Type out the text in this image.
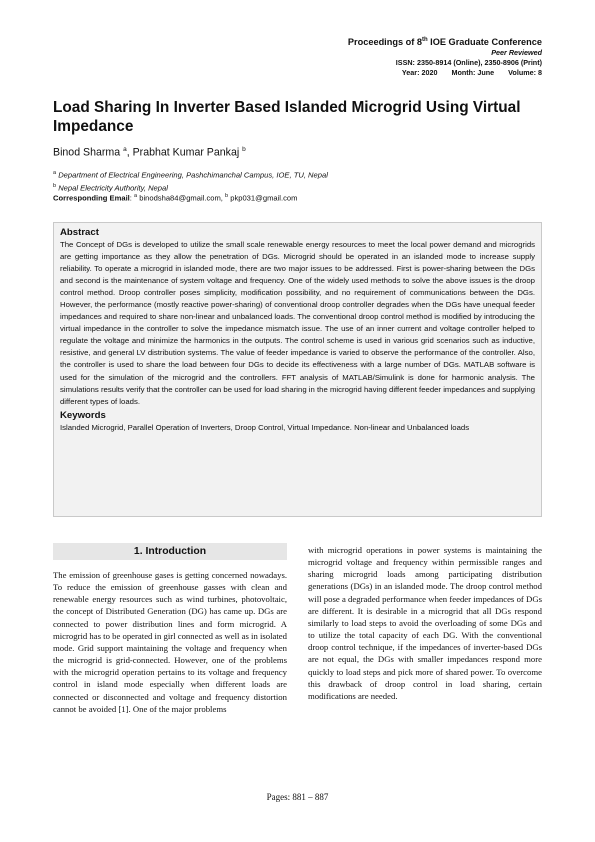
Proceedings of 8th IOE Graduate Conference
Peer Reviewed
ISSN: 2350-8914 (Online), 2350-8906 (Print)
Year: 2020 Month: June Volume: 8
Load Sharing In Inverter Based Islanded Microgrid Using Virtual Impedance
Binod Sharma $^a$, Prabhat Kumar Pankaj $^b$
$^a$ Department of Electrical Engineering, Pashchimanchal Campus, IOE, TU, Nepal
$^b$ Nepal Electricity Authority, Nepal
Corresponding Email: $^a$ binodsha84@gmail.com, $^b$ pkp031@gmail.com
Abstract

The Concept of DGs is developed to utilize the small scale renewable energy resources to meet the local power demand and microgrids are getting importance as they allow the penetration of DGs. Microgrid should be operated in an islanded mode to increase supply reliability. To operate a microgrid in islanded mode, there are two major issues to be addressed. First is power-sharing between the DGs and second is the maintenance of system voltage and frequency. One of the widely used methods to solve the above issues is the droop control method. Droop controller poses simplicity, modification possibility, and no requirement of communications between the DGs. However, the performance (mostly reactive power-sharing) of conventional droop controller degrades when the DGs have unequal feeder impedances and required to share non-linear and unbalanced loads. The conventional droop control method is modified by introducing the virtual impedance in the controller to solve the impedance mismatch issue. The use of an inner current and voltage controller helped to regulate the voltage and minimize the harmonics in the outputs. The control scheme is used in various grid scenarios such as inductive, resistive, and general LV distribution systems. The value of feeder impedance is varied to observe the performance of the controller. Also, the controller is used to share the load between four DGs to decide its effectiveness with a large number of DGs. MATLAB software is used for the simulation of the microgrid and the controllers. FFT analysis of MATLAB/Simulink is done for harmonic analysis. The simulations results verify that the controller can be used for load sharing in the microgrid having different feeder impedances and supplying different types of loads.

Keywords

Islanded Microgrid, Parallel Operation of Inverters, Droop Control, Virtual Impedance. Non-linear and Unbalanced loads

1. Introduction
The emission of greenhouse gases is getting concerned nowadays. To reduce the emission of greenhouse gasses with clean and renewable energy resources such as wind turbines, photovoltaic, the concept of Distributed Generation (DG) has came up. DGs are connected to power distribution lines and form microgrid. A microgrid has to be operated in girl connected as well as in isolated mode. Grid support maintaining the voltage and frequency when the microgrid is grid-connected. However, one of the problems with the microgrid operation pertains to its voltage and frequency control in island mode especially when different loads are connected or disconnected and voltage and frequency distortion cannot be avoided [1]. One of the major problems
with microgrid operations in power systems is maintaining the microgrid voltage and frequency within permissible ranges and sharing microgrid loads among participating distribution generations (DGs) in an islanded mode. The droop control method will pose a degraded performance when feeder impedances of DGs are different. It is desirable in a microgrid that all DGs respond similarly to load steps to avoid the overloading of some DGs and to utilize the total capacity of each DG. With the conventional droop control technique, if the impedances of inverter-based DGs are not equal, the DGs with smaller impedances respond more quickly to load steps and pick more of shared power. To overcome this drawback of droop control in load sharing, certain modifications are needed.
Pages: 881 – 887
